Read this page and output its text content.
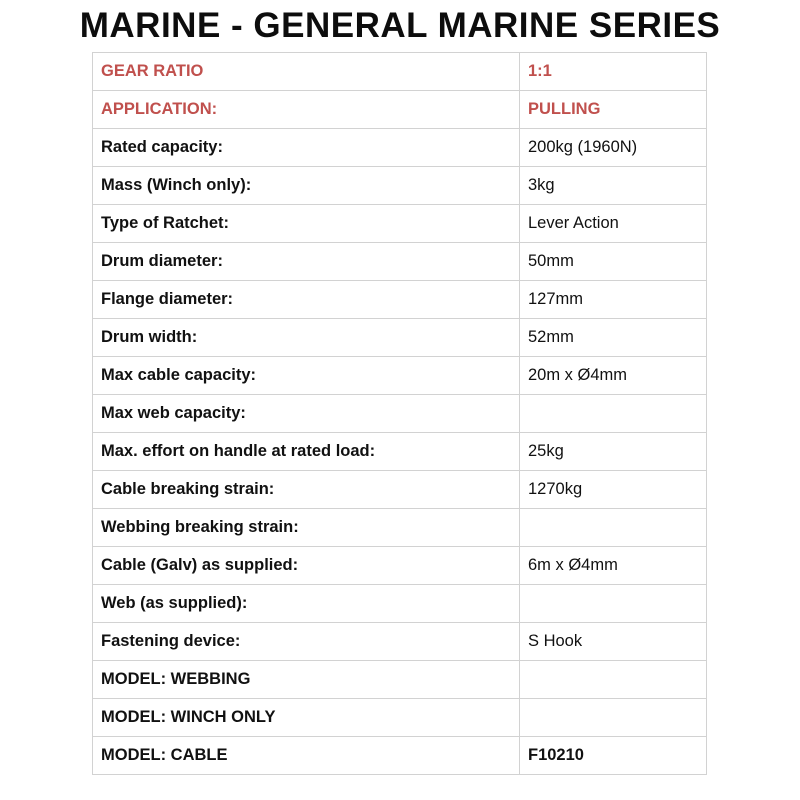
MARINE - GENERAL MARINE SERIES
GEAR RATIO	1:1
APPLICATION:	PULLING
Rated capacity:	200kg (1960N)
Mass (Winch only):	3kg
Type of Ratchet:	Lever Action
Drum diameter:	50mm
Flange diameter:	127mm
Drum width:	52mm
Max cable capacity:	20m x Ø4mm
Max web capacity:	
Max. effort on handle at rated load:	25kg
Cable breaking strain:	1270kg
Webbing breaking strain:	
Cable (Galv) as supplied:	6m x Ø4mm
Web (as supplied):	
Fastening device:	S Hook
MODEL: WEBBING	
MODEL: WINCH ONLY	
MODEL: CABLE	F10210
